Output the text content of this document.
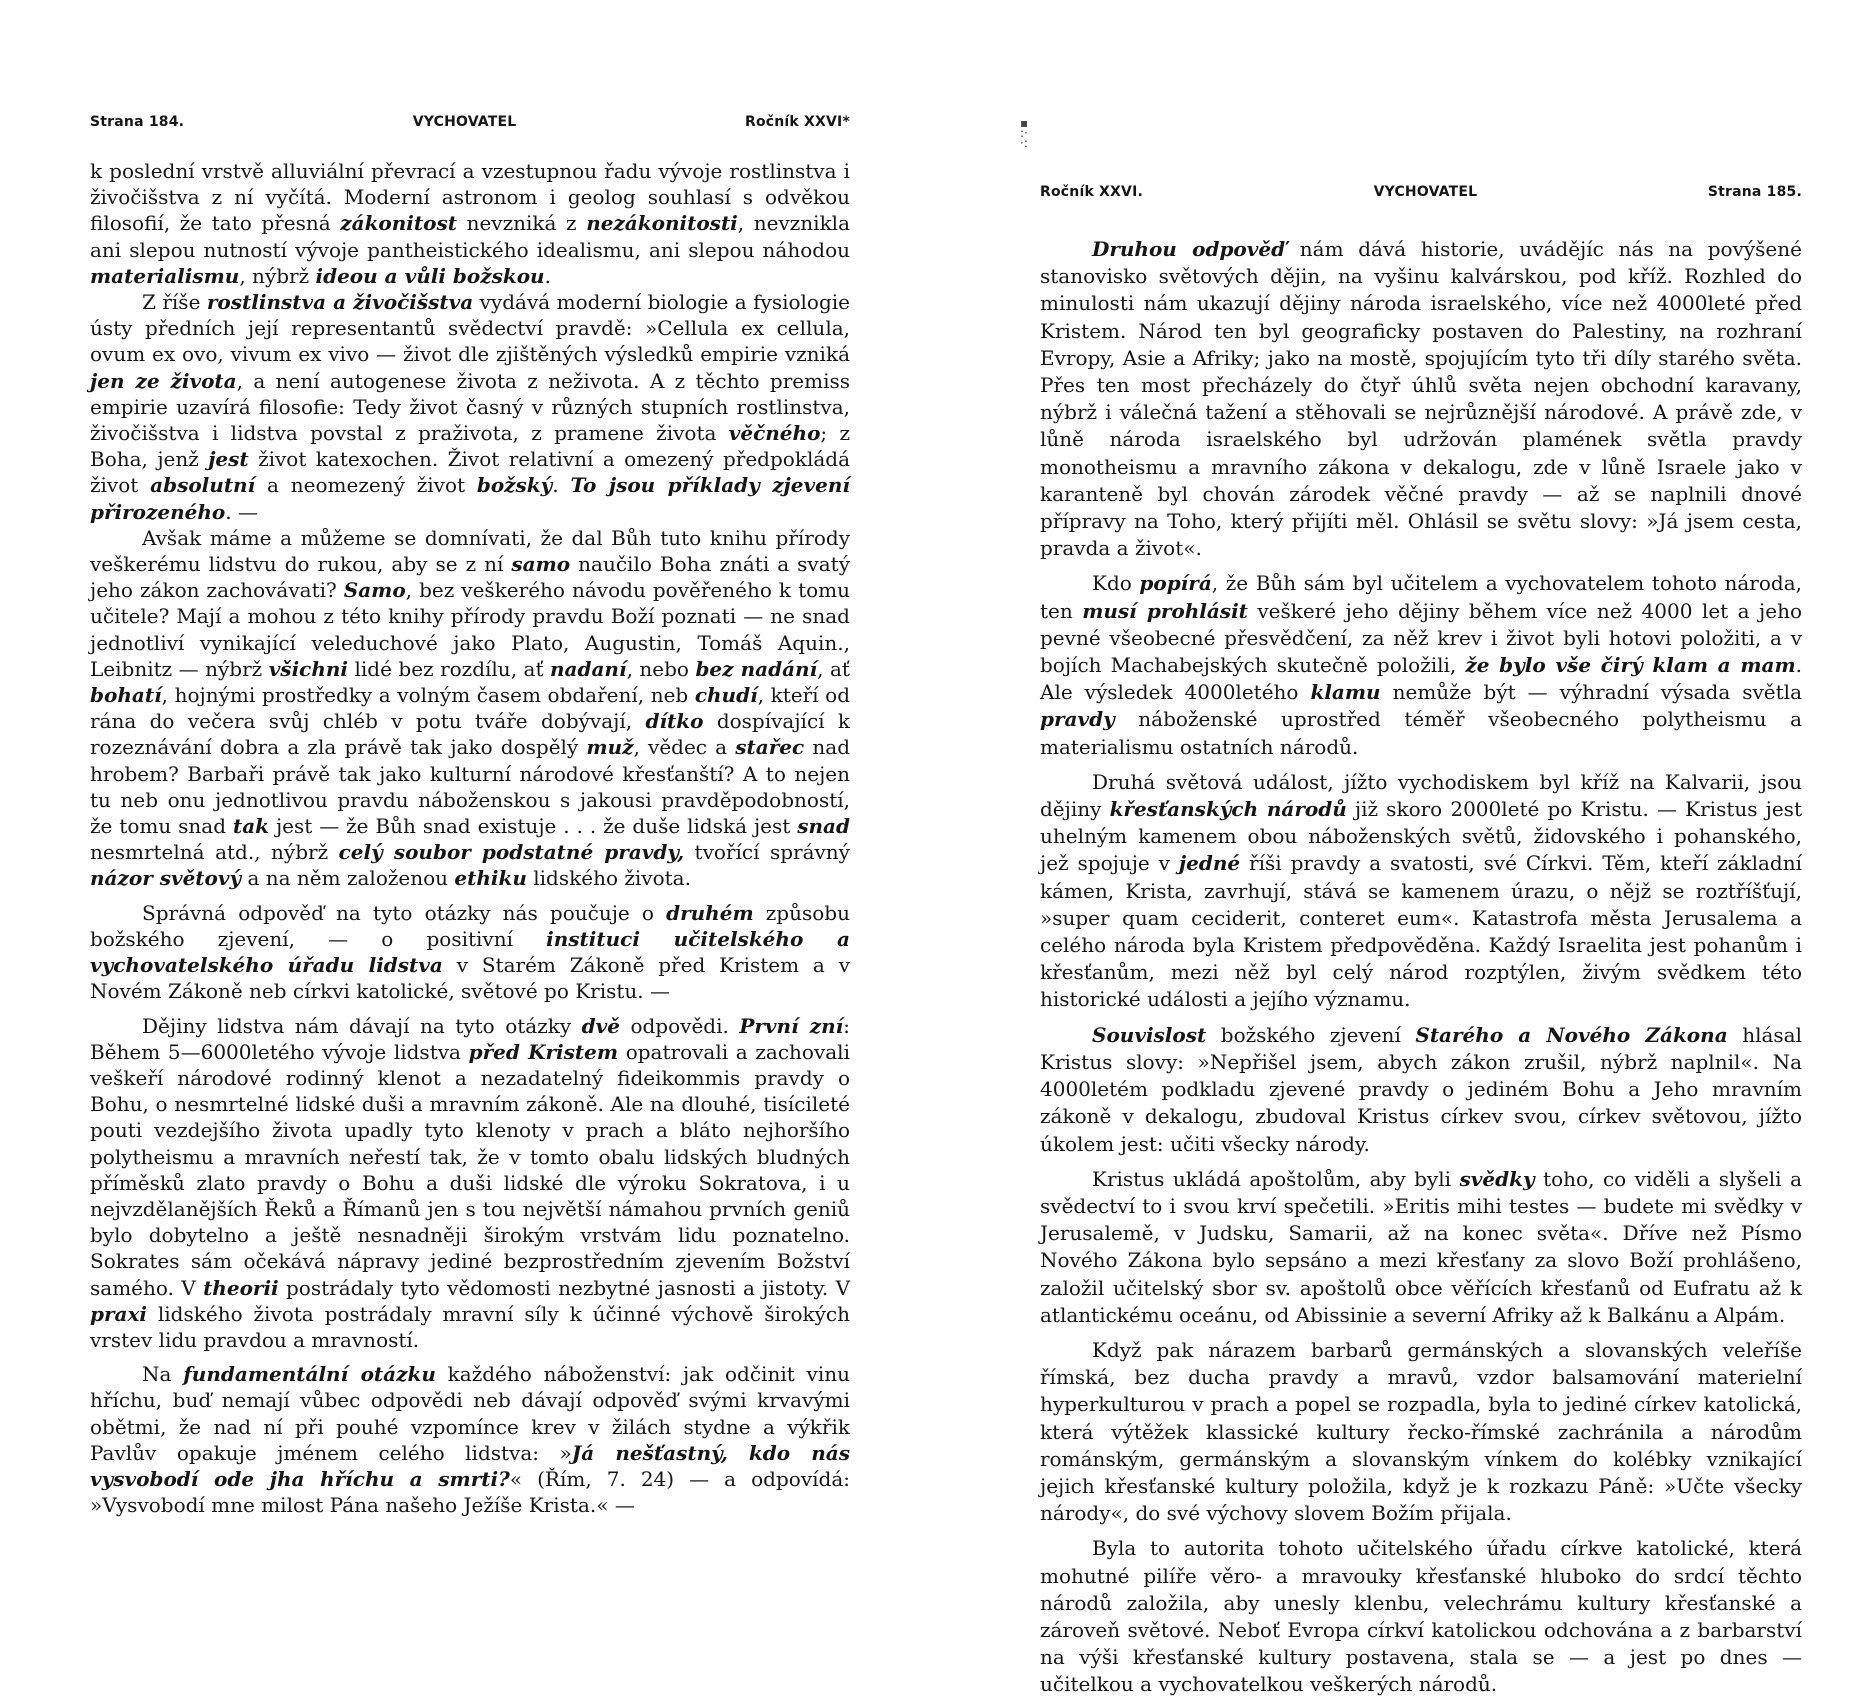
▪
:·
·:
Strana 184.	VYCHOVATEL	Ročník XXVI*

k poslední vrstvě alluviální převrací a vzestupnou řadu vývoje rostlinstva i živočišstva z ní vyčítá. Moderní astronom i geolog souhlasí s odvěkou filosofií, že tato přesná zákonitost nevzniká z nezákonitosti, nevznikla ani slepou nutností vývoje pantheistického idealismu, ani slepou náhodou materialismu, nýbrž ideou a vůli božskou.

Z říše rostlinstva a živočišstva vydává moderní biologie a fysiologie ústy předních její representantů svědectví pravdě: »Cellula ex cellula, ovum ex ovo, vivum ex vivo — život dle zjištěných výsledků empirie vzniká jen ze života, a není autogenese života z neživota. A z těchto premiss empirie uzavírá filosofie: Tedy život časný v různých stupních rostlinstva, živočišstva i lidstva povstal z praživota, z pramene života věčného; z Boha, jenž jest život katexochen. Život relativní a omezený předpokládá život absolutní a neomezený život božský. To jsou příklady zjevení přirozeného. —

Avšak máme a můžeme se domnívati, že dal Bůh tuto knihu přírody veškerému lidstvu do rukou, aby se z ní samo naučilo Boha znáti a svatý jeho zákon zachovávati? Samo, bez veškerého návodu pověřeného k tomu učitele? Mají a mohou z této knihy přírody pravdu Boží poznati — ne snad jednotliví vynikající veleduchové jako Plato, Augustin, Tomáš Aquin., Leibnitz — nýbrž všichni lidé bez rozdílu, ať nadaní, nebo bez nadání, ať bohatí, hojnými prostředky a volným časem obdaření, neb chudí, kteří od rána do večera svůj chléb v potu tváře dobývají, dítko dospívající k rozeznávání dobra a zla právě tak jako dospělý muž, vědec a stařec nad hrobem? Barbaři právě tak jako kulturní národové křesťanští? A to nejen tu neb onu jednotlivou pravdu náboženskou s jakousi pravděpodobností, že tomu snad tak jest — že Bůh snad existuje . . . že duše lidská jest snad nesmrtelná atd., nýbrž celý soubor podstatné pravdy, tvořící správný názor světový a na něm založenou ethiku lidského života.

Správná odpověď na tyto otázky nás poučuje o druhém způsobu božského zjevení, — o positivní instituci učitelského a vychovatelského úřadu lidstva v Starém Zákoně před Kristem a v Novém Zákoně neb církvi katolické, světové po Kristu. —

Dějiny lidstva nám dávají na tyto otázky dvě odpovědi. První zní: Během 5—6000letého vývoje lidstva před Kristem opatrovali a zachovali veškeří národové rodinný klenot a nezadatelný fideikommis pravdy o Bohu, o nesmrtelné lidské duši a mravním zákoně. Ale na dlouhé, tisícileté pouti vezdejšího života upadly tyto klenoty v prach a bláto nejhoršího polytheismu a mravních neřestí tak, že v tomto obalu lidských bludných příměsků zlato pravdy o Bohu a duši lidské dle výroku Sokratova, i u nejvzdělanějších Řeků a Římanů jen s tou největší námahou prvních geniů bylo dobytelno a ještě nesnadněji širokým vrstvám lidu poznatelno. Sokrates sám očekává nápravy jediné bezprostředním zjevením Božství samého. V theorii postrádaly tyto vědomosti nezbytné jasnosti a jistoty. V praxi lidského života postrádaly mravní síly k účinné výchově širokých vrstev lidu pravdou a mravností.

Na fundamentální otázku každého náboženství: jak odčinit vinu hříchu, buď nemají vůbec odpovědi neb dávají odpověď svými krvavými obětmi, že nad ní při pouhé vzpomínce krev v žilách stydne a výkřik Pavlův opakuje jménem celého lidstva: »Já nešťastný, kdo nás vysvobodí ode jha hříchu a smrti?« (Řím, 7. 24) — a odpovídá: »Vysvobodí mne milost Pána našeho Ježíše Krista.« —

Ročník XXVI.	VYCHOVATEL	Strana 185.

Druhou odpověď nám dává historie, uvádějíc nás na povýšené stanovisko světových dějin, na vyšinu kalvárskou, pod kříž. Rozhled do minulosti nám ukazují dějiny národa israelského, více než 4000leté před Kristem. Národ ten byl geograficky postaven do Palestiny, na rozhraní Evropy, Asie a Afriky; jako na mostě, spojujícím tyto tři díly starého světa. Přes ten most přecházely do čtyř úhlů světa nejen obchodní karavany, nýbrž i válečná tažení a stěhovali se nejrůznější národové. A právě zde, v lůně národa israelského byl udržován plamének světla pravdy monotheismu a mravního zákona v dekalogu, zde v lůně Israele jako v karanteně byl chován zárodek věčné pravdy — až se naplnili dnové přípravy na Toho, který přijíti měl. Ohlásil se světu slovy: »Já jsem cesta, pravda a život«.

Kdo popírá, že Bůh sám byl učitelem a vychovatelem tohoto národa, ten musí prohlásit veškeré jeho dějiny během více než 4000 let a jeho pevné všeobecné přesvědčení, za něž krev i život byli hotovi položiti, a v bojích Machabejských skutečně položili, že bylo vše čirý klam a mam. Ale výsledek 4000letého klamu nemůže být — výhradní výsada světla pravdy náboženské uprostřed téměř všeobecného polytheismu a materialismu ostatních národů.

Druhá světová událost, jížto vychodiskem byl kříž na Kalvarii, jsou dějiny křesťanských národů již skoro 2000leté po Kristu. — Kristus jest uhelným kamenem obou náboženských světů, židovského i pohanského, jež spojuje v jedné říši pravdy a svatosti, své Církvi. Těm, kteří základní kámen, Krista, zavrhují, stává se kamenem úrazu, o nějž se roztříšťují, »super quam ceciderit, conteret eum«. Katastrofa města Jerusalema a celého národa byla Kristem předpověděna. Každý Israelita jest pohanům i křesťanům, mezi něž byl celý národ rozptýlen, živým svědkem této historické události a jejího významu.

Souvislost božského zjevení Starého a Nového Zákona hlásal Kristus slovy: »Nepřišel jsem, abych zákon zrušil, nýbrž naplnil«. Na 4000letém podkladu zjevené pravdy o jediném Bohu a Jeho mravním zákoně v dekalogu, zbudoval Kristus církev svou, církev světovou, jížto úkolem jest: učiti všecky národy.

Kristus ukládá apoštolům, aby byli svědky toho, co viděli a slyšeli a svědectví to i svou krví spečetili. »Eritis mihi testes — budete mi svědky v Jerusalemě, v Judsku, Samarii, až na konec světa«. Dříve než Písmo Nového Zákona bylo sepsáno a mezi křesťany za slovo Boží prohlášeno, založil učitelský sbor sv. apoštolů obce věřících křesťanů od Eufratu až k atlantickému oceánu, od Abissinie a severní Afriky až k Balkánu a Alpám.

Když pak nárazem barbarů germánských a slovanských veleříše římská, bez ducha pravdy a mravů, vzdor balsamování materielní hyperkulturou v prach a popel se rozpadla, byla to jediné církev katolická, která výtěžek klassické kultury řecko-římské zachránila a národům románským, germánským a slovanským vínkem do kolébky vznikající jejich křesťanské kultury položila, když je k rozkazu Páně: »Učte všecky národy«, do své výchovy slovem Božím přijala.

Byla to autorita tohoto učitelského úřadu církve katolické, která mohutné pilíře věro- a mravouky křesťanské hluboko do srdcí těchto národů založila, aby unesly klenbu, velechrámu kultury křesťanské a zároveň světové. Neboť Evropa církví katolickou odchována a z barbarství na výši křesťanské kultury postavena, stala se — a jest po dnes — učitelkou a vychovatelkou veškerých národů.
